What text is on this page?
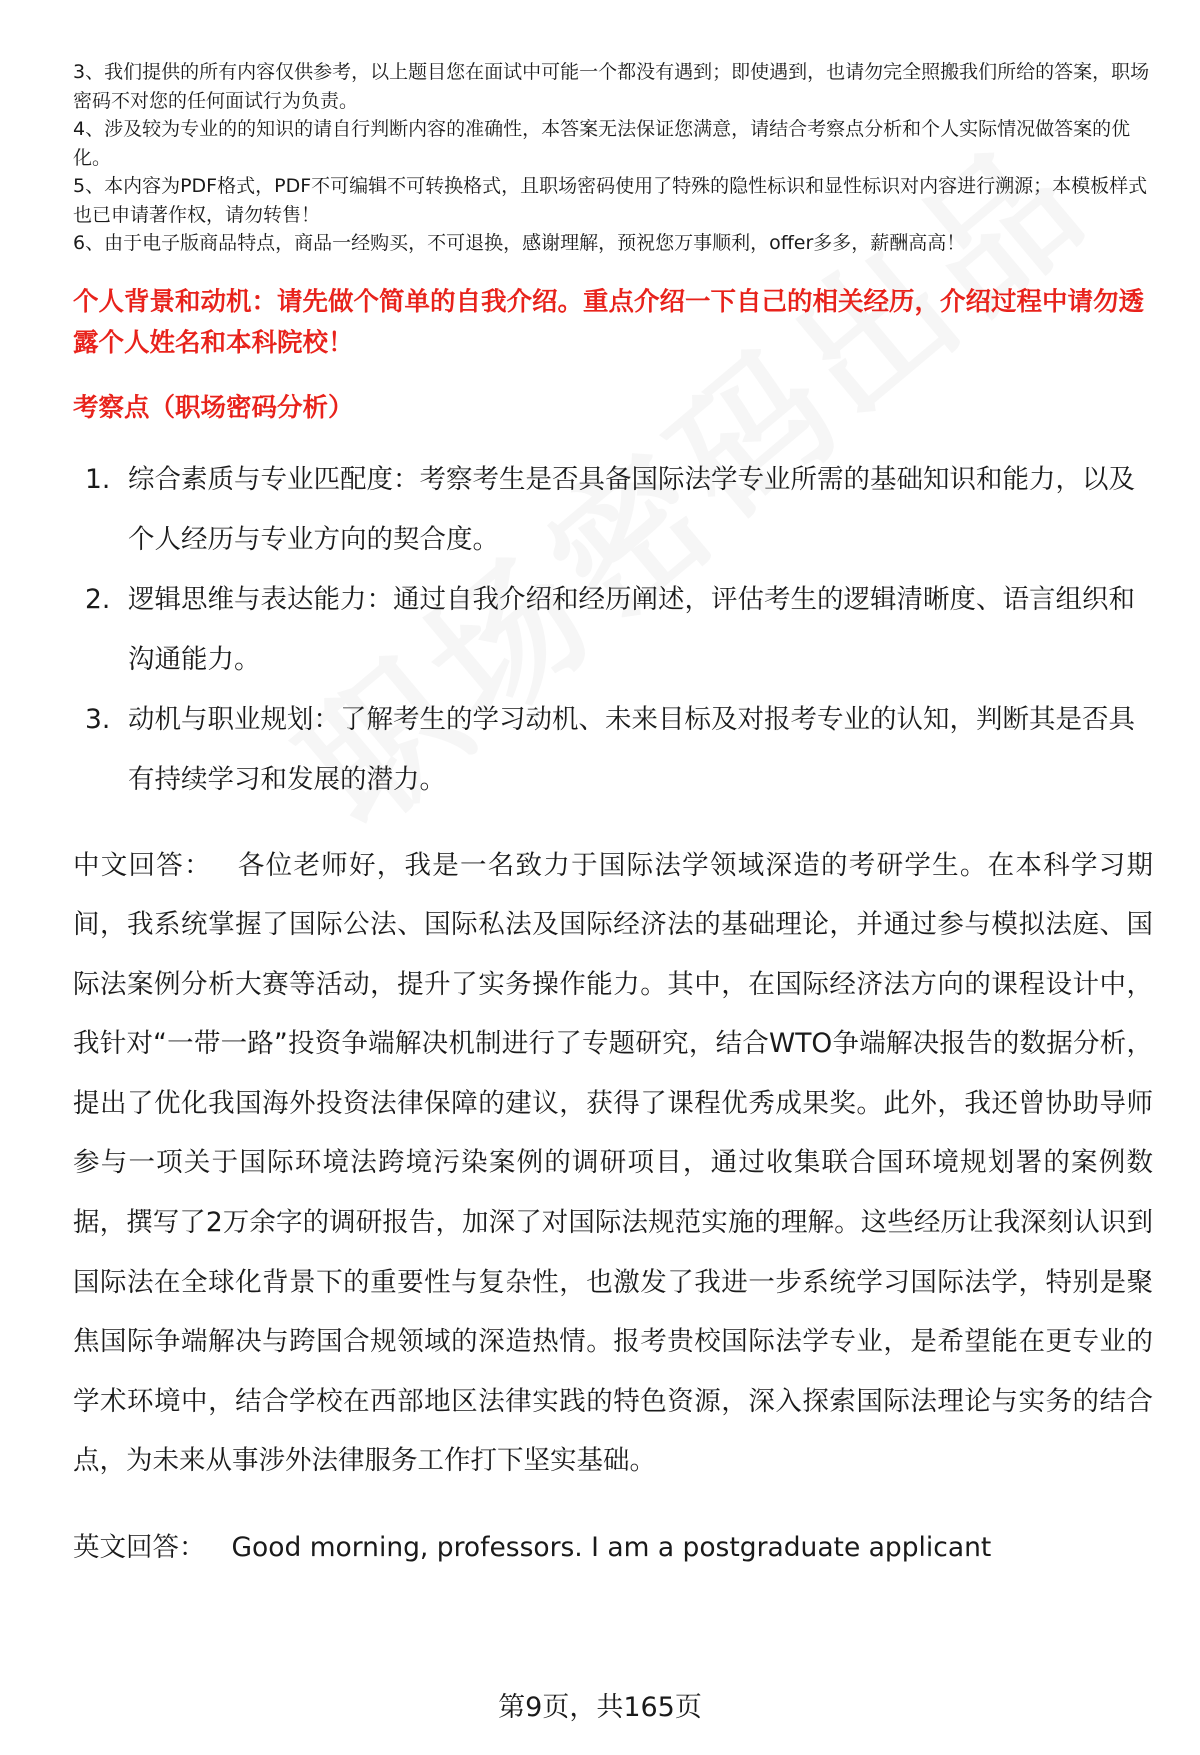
3、我们提供的所有内容仅供参考，以上题目您在面试中可能一个都没有遇到；即使遇到，也请勿完全照搬我们所给的答案，职场密码不对您的任何面试行为负责。

4、涉及较为专业的的知识的请自行判断内容的准确性，本答案无法保证您满意，请结合考察点分析和个人实际情况做答案的优化。

5、本内容为PDF格式，PDF不可编辑不可转换格式，且职场密码使用了特殊的隐性标识和显性标识对内容进行溯源；本模板样式也已申请著作权，请勿转售！

6、由于电子版商品特点，商品一经购买，不可退换，感谢理解，预祝您万事顺利，offer多多，薪酬高高！

个人背景和动机：请先做个简单的自我介绍。重点介绍一下自己的相关经历，介绍过程中请勿透露个人姓名和本科院校！
考察点（职场密码分析）
1. 综合素质与专业匹配度：考察考生是否具备国际法学专业所需的基础知识和能力，以及个人经历与专业方向的契合度。
2. 逻辑思维与表达能力：通过自我介绍和经历阐述，评估考生的逻辑清晰度、语言组织和沟通能力。
3. 动机与职业规划：了解考生的学习动机、未来目标及对报考专业的认知，判断其是否具有持续学习和发展的潜力。

中文回答： 各位老师好，我是一名致力于国际法学领域深造的考研学生。在本科学习期间，我系统掌握了国际公法、国际私法及国际经济法的基础理论，并通过参与模拟法庭、国际法案例分析大赛等活动，提升了实务操作能力。其中，在国际经济法方向的课程设计中，我针对“一带一路”投资争端解决机制进行了专题研究，结合WTO争端解决报告的数据分析，提出了优化我国海外投资法律保障的建议，获得了课程优秀成果奖。此外，我还曾协助导师参与一项关于国际环境法跨境污染案例的调研项目，通过收集联合国环境规划署的案例数据，撰写了2万余字的调研报告，加深了对国际法规范实施的理解。这些经历让我深刻认识到国际法在全球化背景下的重要性与复杂性，也激发了我进一步系统学习国际法学，特别是聚焦国际争端解决与跨国合规领域的深造热情。报考贵校国际法学专业，是希望能在更专业的学术环境中，结合学校在西部地区法律实践的特色资源，深入探索国际法理论与实务的结合点，为未来从事涉外法律服务工作打下坚实基础。

英文回答： Good morning, professors. I am a postgraduate applicant

第9页，共165页
